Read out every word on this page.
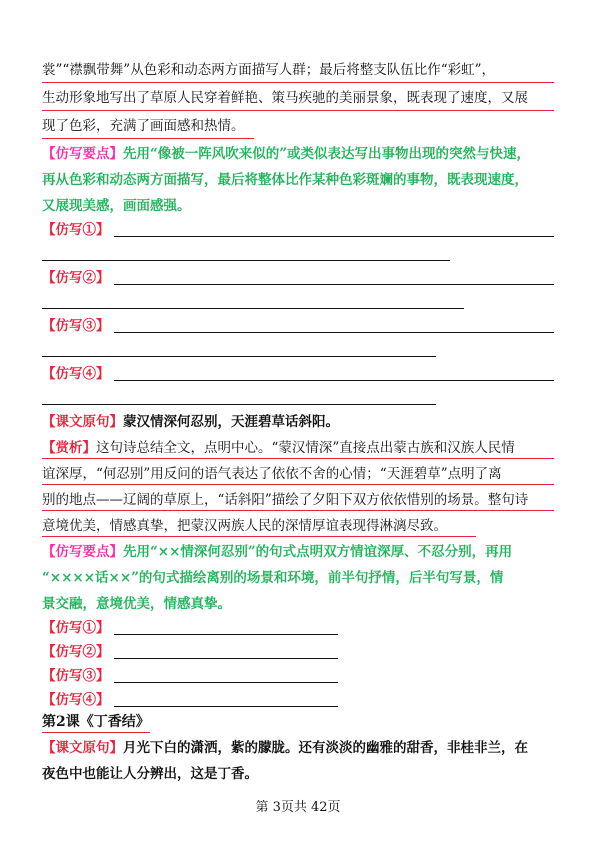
裳”“襟飘带舞”从色彩和动态两方面描写人群；最后将整支队伍比作“彩虹”，
生动形象地写出了草原人民穿着鲜艳、策马疾驰的美丽景象，既表现了速度，又展
现了色彩，充满了画面感和热情。
【仿写要点】先用“像被一阵风吹来似的”或类似表达写出事物出现的突然与快速，
再从色彩和动态两方面描写，最后将整体比作某种色彩斑斓的事物，既表现速度，
又展现美感，画面感强。
【仿写①】
【仿写②】
【仿写③】
【仿写④】
【课文原句】蒙汉情深何忍别，天涯碧草话斜阳。
【赏析】这句诗总结全文，点明中心。“蒙汉情深”直接点出蒙古族和汉族人民情
谊深厚，“何忍别”用反问的语气表达了依依不舍的心情；“天涯碧草”点明了离
别的地点——辽阔的草原上，“话斜阳”描绘了夕阳下双方依依惜别的场景。整句诗
意境优美，情感真挚，把蒙汉两族人民的深情厚谊表现得淋漓尽致。
【仿写要点】先用“××情深何忍别”的句式点明双方情谊深厚、不忍分别，再用
“××××话××”的句式描绘离别的场景和环境，前半句抒情，后半句写景，情
景交融，意境优美，情感真挚。
【仿写①】
【仿写②】
【仿写③】
【仿写④】
第2课《丁香结》
【课文原句】月光下白的潇洒，紫的朦胧。还有淡淡的幽雅的甜香，非桂非兰，在
夜色中也能让人分辨出，这是丁香。
第 3页共 42页
